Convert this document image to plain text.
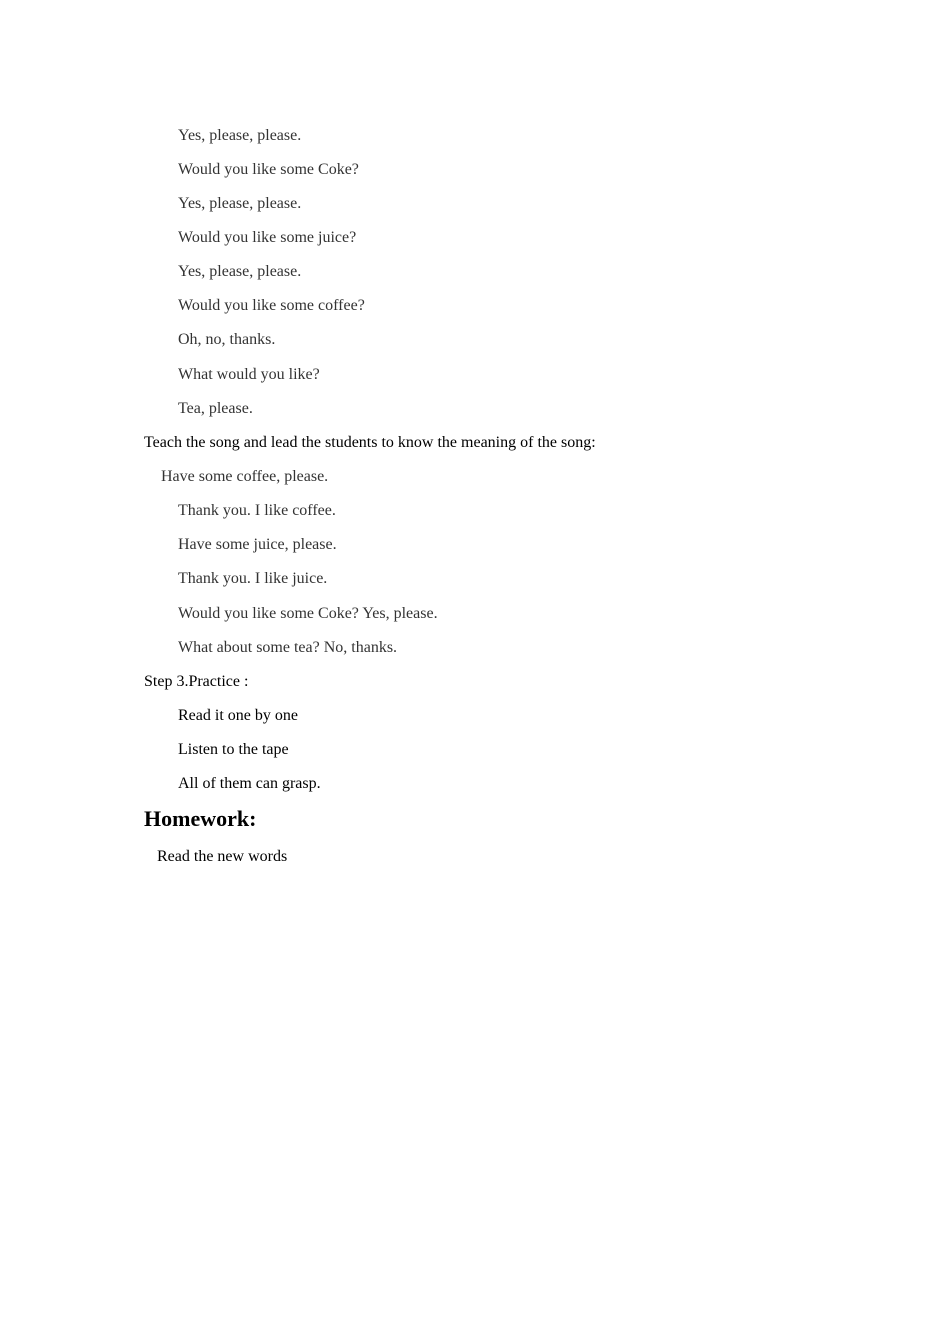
Yes, please, please.
Would you like some Coke?
Yes, please, please.
Would you like some juice?
Yes, please, please.
Would you like some coffee?
Oh, no, thanks.
What would you like?
Tea, please.
Teach the song and lead the students to know the meaning of the song:
Have some coffee, please.
Thank you. I like coffee.
Have some juice, please.
Thank you. I like juice.
Would you like some Coke? Yes, please.
What about some tea? No, thanks.
Step 3.Practice :
Read it one by one
Listen to the tape
All of them can grasp.
Homework:
Read the new words
